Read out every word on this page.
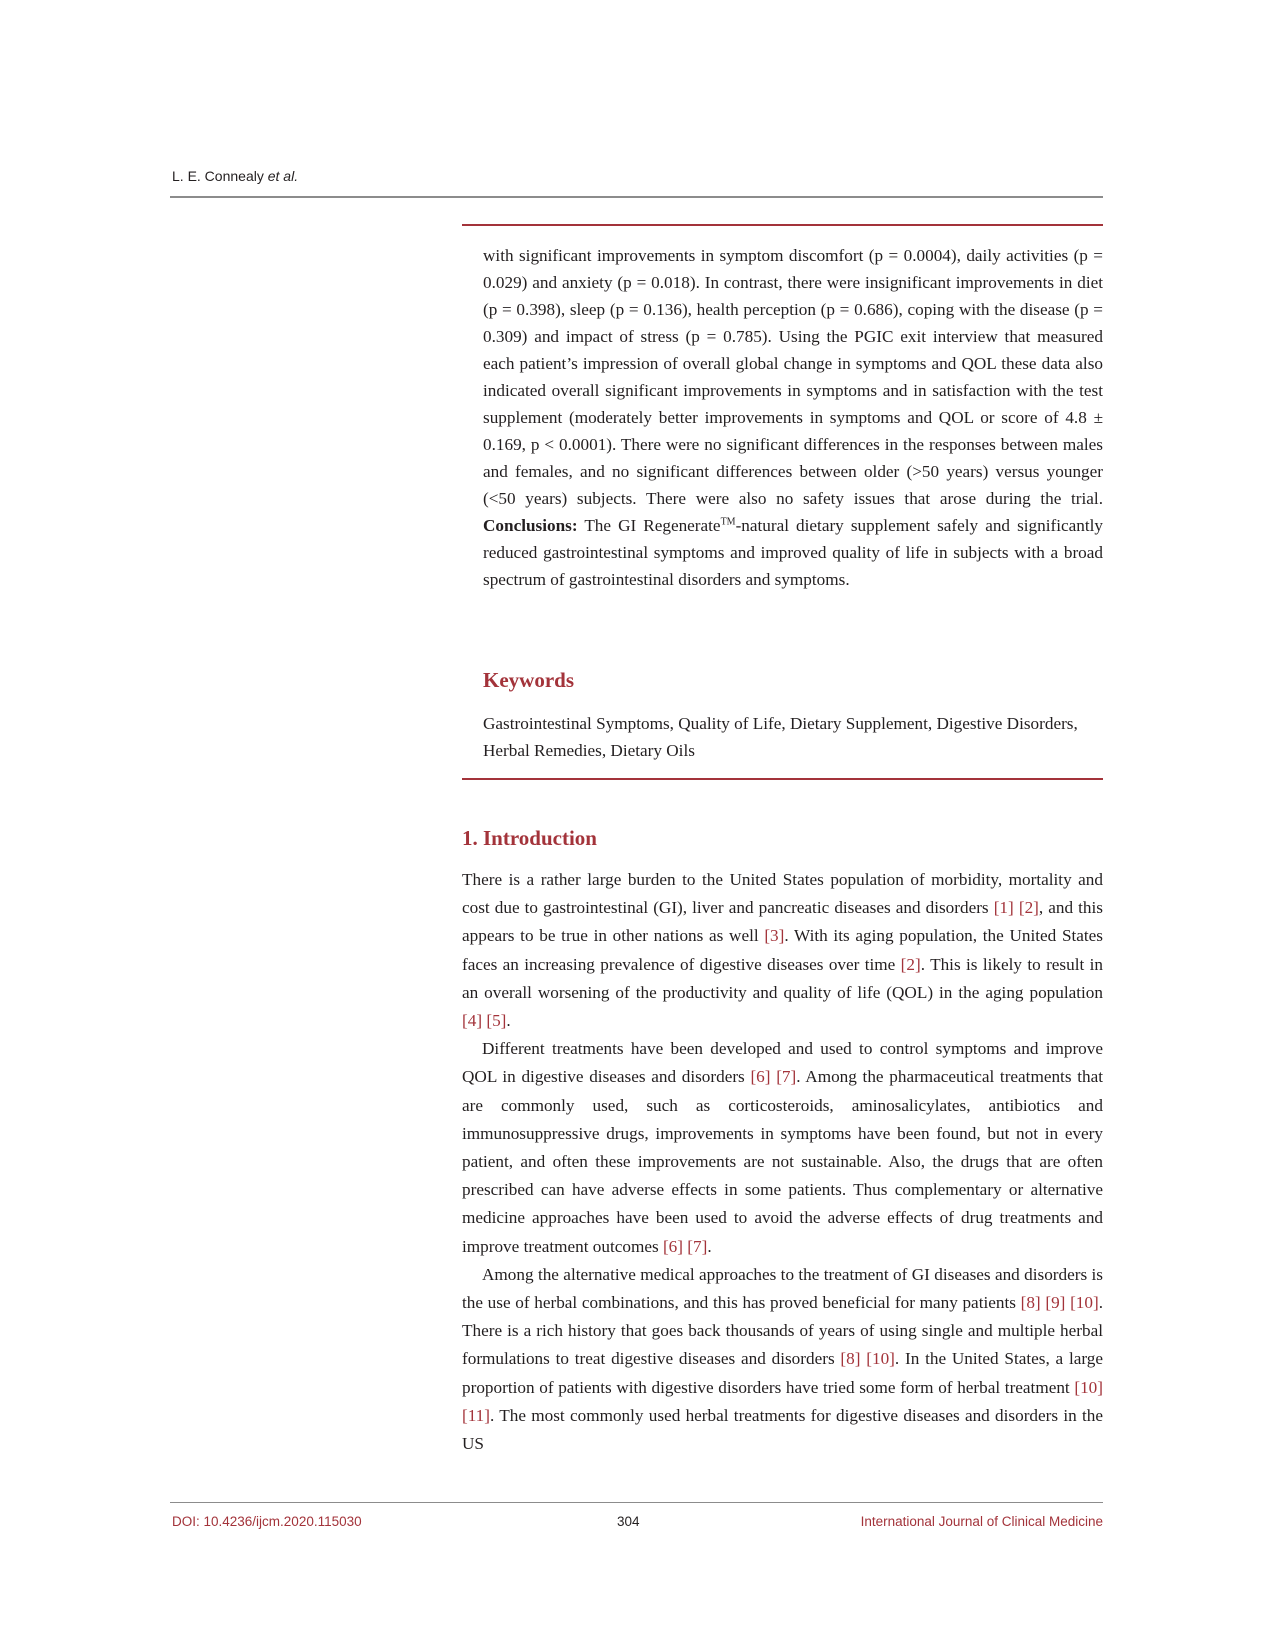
L. E. Connealy et al.
with significant improvements in symptom discomfort (p = 0.0004), daily activities (p = 0.029) and anxiety (p = 0.018). In contrast, there were insignificant improvements in diet (p = 0.398), sleep (p = 0.136), health perception (p = 0.686), coping with the disease (p = 0.309) and impact of stress (p = 0.785). Using the PGIC exit interview that measured each patient’s impression of overall global change in symptoms and QOL these data also indicated overall significant improvements in symptoms and in satisfaction with the test supplement (moderately better improvements in symptoms and QOL or score of 4.8 ± 0.169, p < 0.0001). There were no significant differences in the responses between males and females, and no significant differences between older (>50 years) versus younger (<50 years) subjects. There were also no safety issues that arose during the trial. Conclusions: The GI Regenerate™-natural dietary supplement safely and significantly reduced gastrointestinal symptoms and improved quality of life in subjects with a broad spectrum of gastrointestinal disorders and symptoms.
Keywords
Gastrointestinal Symptoms, Quality of Life, Dietary Supplement, Digestive Disorders, Herbal Remedies, Dietary Oils
1. Introduction

There is a rather large burden to the United States population of morbidity, mortality and cost due to gastrointestinal (GI), liver and pancreatic diseases and disorders [1] [2], and this appears to be true in other nations as well [3]. With its aging population, the United States faces an increasing prevalence of digestive diseases over time [2]. This is likely to result in an overall worsening of the productivity and quality of life (QOL) in the aging population [4] [5].

Different treatments have been developed and used to control symptoms and improve QOL in digestive diseases and disorders [6] [7]. Among the pharmaceutical treatments that are commonly used, such as corticosteroids, aminosalicylates, antibiotics and immunosuppressive drugs, improvements in symptoms have been found, but not in every patient, and often these improvements are not sustainable. Also, the drugs that are often prescribed can have adverse effects in some patients. Thus complementary or alternative medicine approaches have been used to avoid the adverse effects of drug treatments and improve treatment outcomes [6] [7].

Among the alternative medical approaches to the treatment of GI diseases and disorders is the use of herbal combinations, and this has proved beneficial for many patients [8] [9] [10]. There is a rich history that goes back thousands of years of using single and multiple herbal formulations to treat digestive diseases and disorders [8] [10]. In the United States, a large proportion of patients with digestive disorders have tried some form of herbal treatment [10] [11]. The most commonly used herbal treatments for digestive diseases and disorders in the US

DOI: 10.4236/ijcm.2020.115030	304	International Journal of Clinical Medicine
